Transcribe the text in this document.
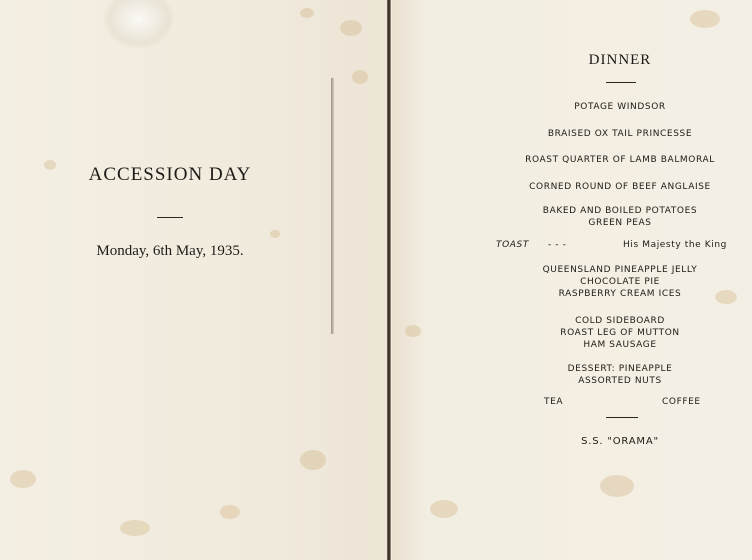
ACCESSION DAY
Monday, 6th May, 1935.
DINNER
POTAGE WINDSOR
BRAISED OX TAIL PRINCESSE
ROAST QUARTER OF LAMB BALMORAL
CORNED ROUND OF BEEF ANGLAISE
BAKED AND BOILED POTATOES
GREEN PEAS
TOAST - - -	His Majesty the King
QUEENSLAND PINEAPPLE JELLY
CHOCOLATE PIE
RASPBERRY CREAM ICES
COLD SIDEBOARD
ROAST LEG OF MUTTON
HAM SAUSAGE
DESSERT: PINEAPPLE
ASSORTED NUTS
TEA	COFFEE
S.S. "ORAMA"
